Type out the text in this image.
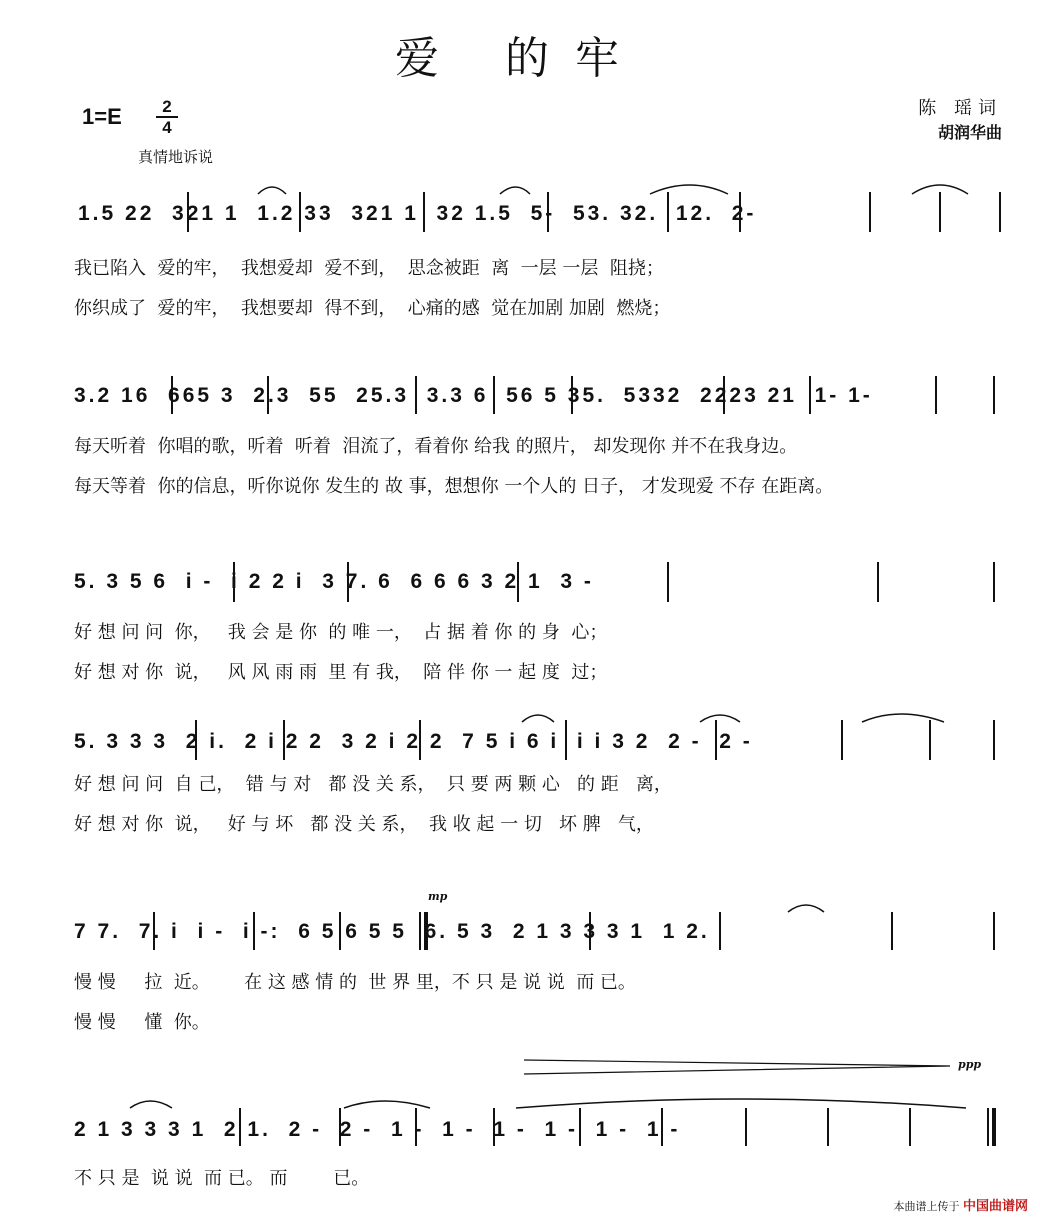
爱 的牢
1=E	2
4
真情地诉说
陈 瑶词
胡润华曲
1.5 22  321 1  1.2 33  321 1  32 1.5  5-  53. 32.  12.  2-
我已陷入  爱的牢，  我想爱却  爱不到，  思念被距  离  一层 一层  阻挠；
你织成了  爱的牢，  我想要却  得不到，  心痛的感  觉在加剧 加剧  燃烧；
3.2 16  665 3  2.3  55  25.3  3.3 6  56 5 35.  5332  2223 21  1- 1-
每天听着  你唱的歌，听着  听着  泪流了，看着你 给我 的照片， 却发现你 并不在我身边。
每天等着  你的信息，听你说你 发生的 故 事，想想你 一个人的 日子， 才发现爱 不存 在距离。
5. 3 5 6  i -  i 2 2 i  3 7. 6  6 6 6 3 2 1  3 -
好 想 问 问  你，   我 会 是 你  的 唯 一，  占 据 着 你 的 身  心；
好 想 对 你  说，   风 风 雨 雨  里 有 我，  陪 伴 你 一 起 度  过；
5. 3 3 3  2 i.  2 i 2 2  3 2 i 2 2  7 5 i 6 i  i i 3 2  2 -  2 -
好 想 问 问  自 己，  错 与 对   都 没 关 系，  只 要 两 颗 心   的 距   离，
好 想 对 你  说，   好 与 坏   都 没 关 系，  我 收 起 一 切   坏 脾   气，
mp
7 7.  7. i  i -  i -:  6 5 6 5 5  6. 5 3  2 1 3 3 3 1  1 2.
慢 慢     拉  近。      在 这 感 情 的  世 界 里，不 只 是 说 说  而 已。
慢 慢     懂  你。
ppp
2 1 3 3 3 1  2 1.  2 -  2 -  1 -  1 -  1 -  1 -  1 -  1 -
不 只 是  说 说  而 已。 而        已。
本曲谱上传于 中国曲谱网
